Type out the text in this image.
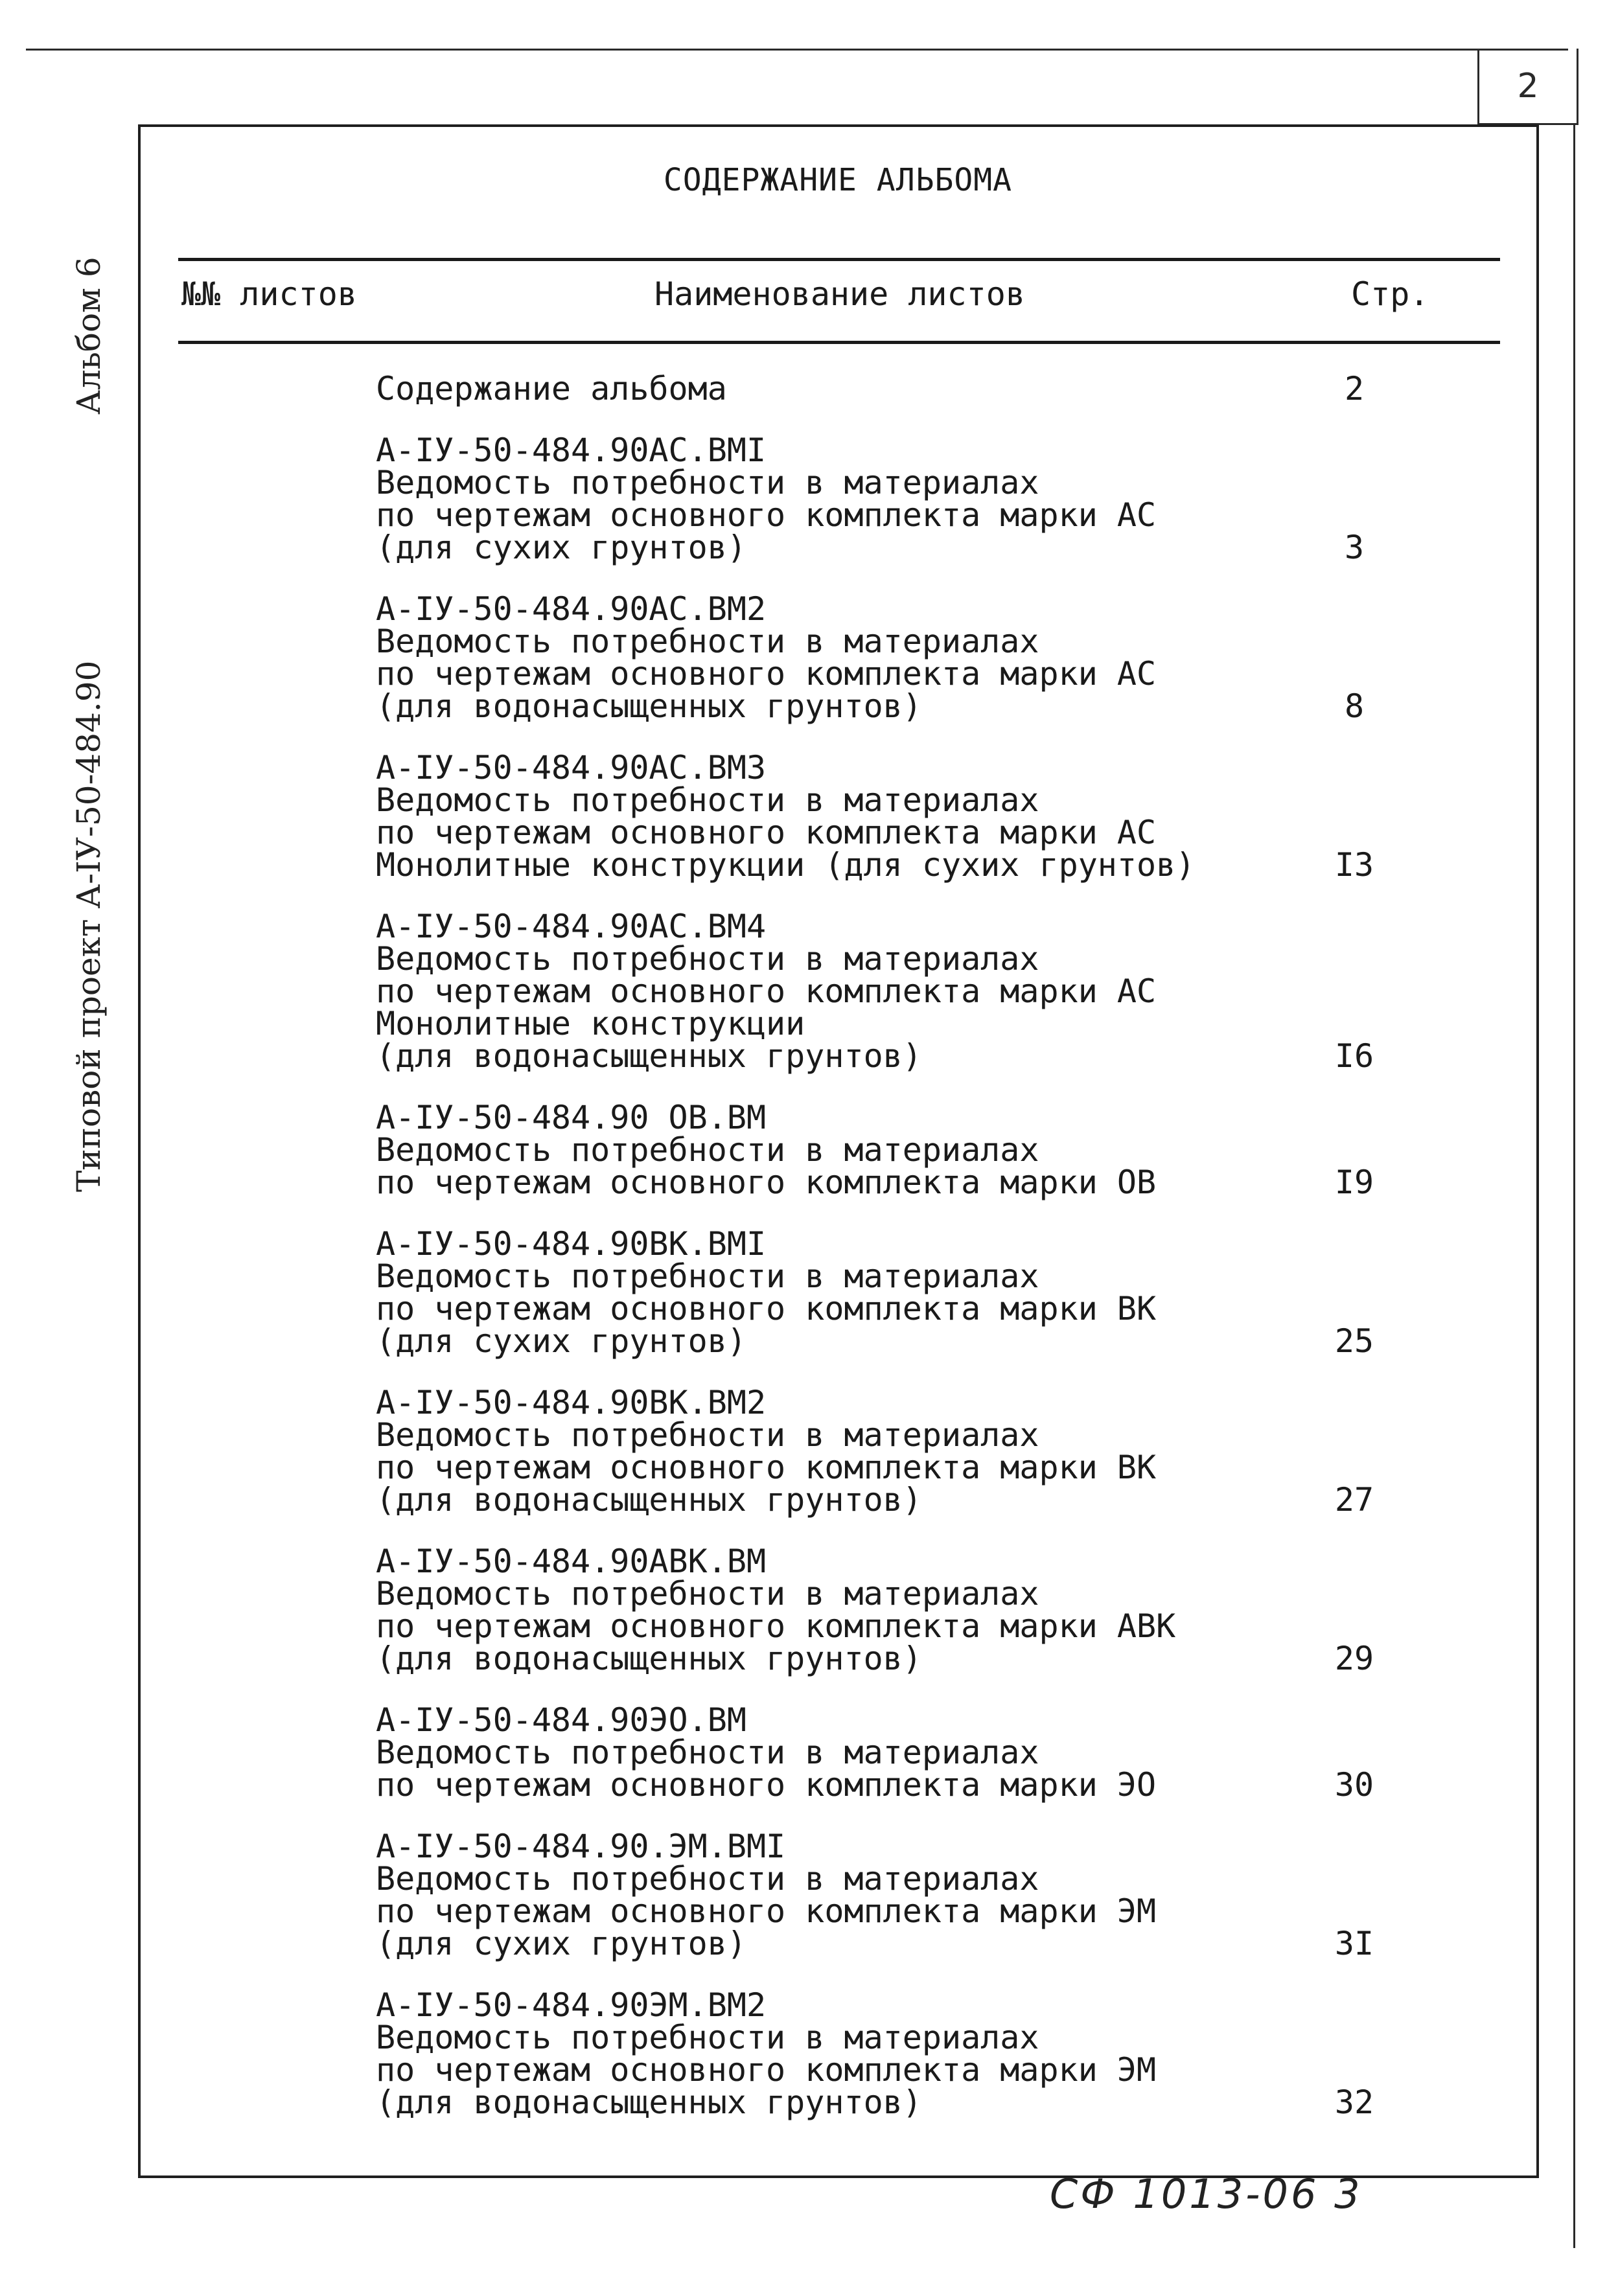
2
Альбом 6
Типовой проект А-IУ-50-484.90
СОДЕРЖАНИЕ АЛЬБОМА
№№ листов	Наименование листов	Стр.
Содержание альбома	2
А-IУ-50-484.90АС.ВМI
Ведомость потребности в материалах
по чертежам основного комплекта марки АС
(для сухих грунтов)	3
А-IУ-50-484.90АС.ВМ2
Ведомость потребности в материалах
по чертежам основного комплекта марки АС
(для водонасыщенных грунтов)	8
А-IУ-50-484.90АС.ВМ3
Ведомость потребности в материалах
по чертежам основного комплекта марки АС
Монолитные конструкции (для сухих грунтов)	I3
А-IУ-50-484.90АС.ВМ4
Ведомость потребности в материалах
по чертежам основного комплекта марки АС
Монолитные конструкции
(для водонасыщенных грунтов)	I6
А-IУ-50-484.90 ОВ.ВМ
Ведомость потребности в материалах
по чертежам основного комплекта марки ОВ	I9
А-IУ-50-484.90ВК.ВМI
Ведомость потребности в материалах
по чертежам основного комплекта марки ВК
(для сухих грунтов)	25
А-IУ-50-484.90ВК.ВМ2
Ведомость потребности в материалах
по чертежам основного комплекта марки ВК
(для водонасыщенных грунтов)	27
А-IУ-50-484.90АВК.ВМ
Ведомость потребности в материалах
по чертежам основного комплекта марки АВК
(для водонасыщенных грунтов)	29
А-IУ-50-484.90ЭО.ВМ
Ведомость потребности в материалах
по чертежам основного комплекта марки ЭО	30
А-IУ-50-484.90.ЭМ.ВМI
Ведомость потребности в материалах
по чертежам основного комплекта марки ЭМ
(для сухих грунтов)	3I
А-IУ-50-484.90ЭМ.ВМ2
Ведомость потребности в материалах
по чертежам основного комплекта марки ЭМ
(для водонасыщенных грунтов)	32
СФ 1013-06 3
